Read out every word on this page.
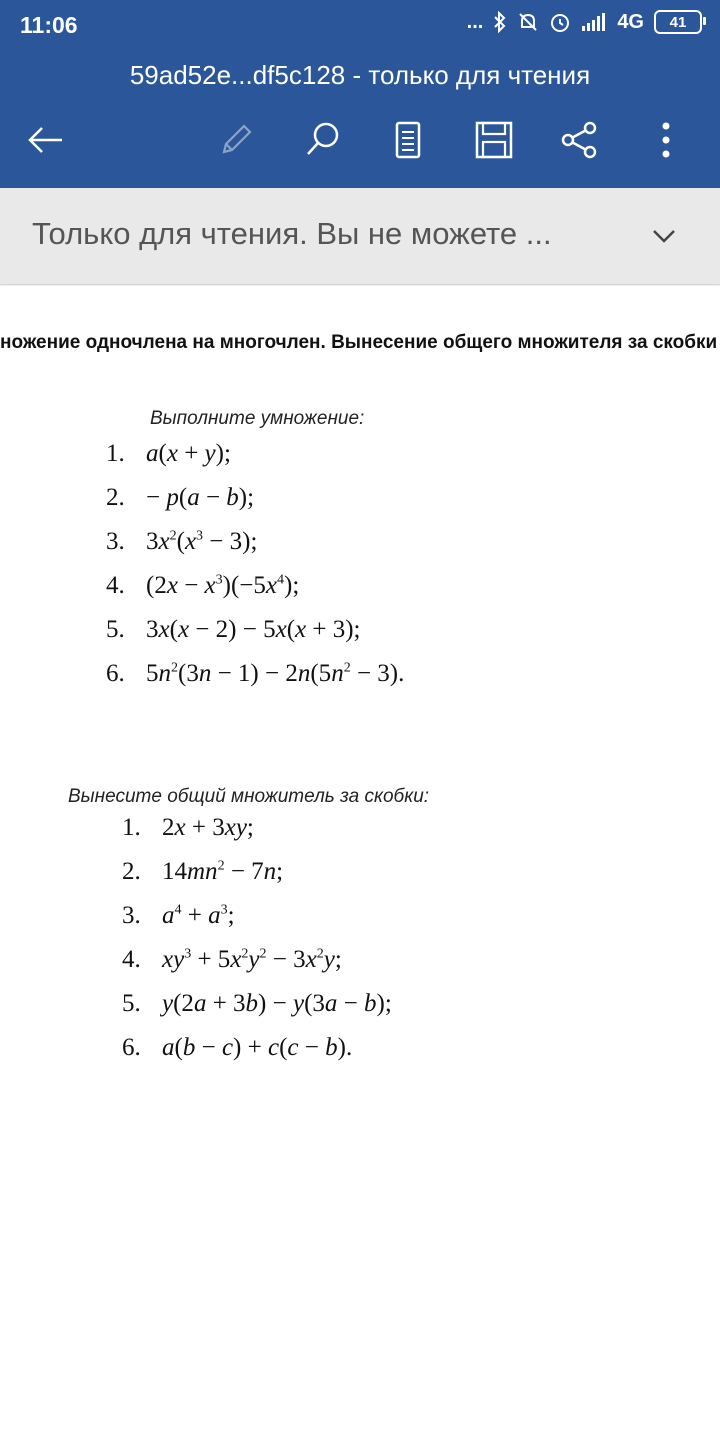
11:06	...	4G	41
59ad52e...df5c128 - только для чтения
Только для чтения. Вы не можете ...
ножение одночлена на многочлен. Вынесение общего множителя за скобки
Выполните умножение:
1. a(x + y);
2. − p(a − b);
3. $3x^2(x^3 - 3)$;
4. $(2x - x^3)(-5x^4)$;
5. 3x(x − 2) − 5x(x + 3);
6. $5n^2(3n - 1) - 2n(5n^2 - 3)$.
Вынесите общий множитель за скобки:
1. 2x + 3xy;
2. $14mn^2 - 7n$;
3. $a^4 + a^3$;
4. $xy^3 + 5x^2y^2 - 3x^2y$;
5. y(2a + 3b) − y(3a − b);
6. a(b − c) + c(c − b).
